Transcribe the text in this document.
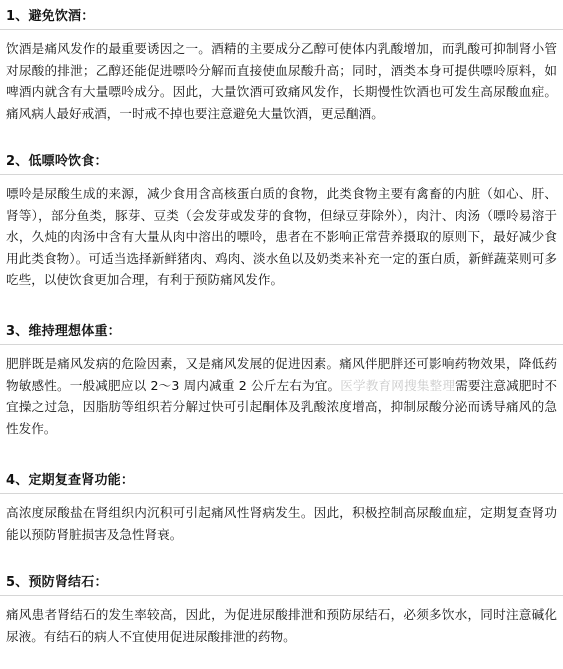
1、避免饮酒：
饮酒是痛风发作的最重要诱因之一。酒精的主要成分乙醇可使体内乳酸增加，而乳酸可抑制肾小管对尿酸的排泄；乙醇还能促进嘌呤分解而直接使血尿酸升高；同时，酒类本身可提供嘌呤原料，如啤酒内就含有大量嘌呤成分。因此，大量饮酒可致痛风发作，长期慢性饮酒也可发生高尿酸血症。痛风病人最好戒酒，一时戒不掉也要注意避免大量饮酒，更忌酗酒。
2、低嘌呤饮食：
嘌呤是尿酸生成的来源，减少食用含高核蛋白质的食物，此类食物主要有禽畜的内脏（如心、肝、肾等），部分鱼类，豚芽、豆类（会发芽或发芽的食物，但绿豆芽除外），肉汁、肉汤（嘌呤易溶于水，久炖的肉汤中含有大量从肉中溶出的嘌呤，患者在不影响正常营养摄取的原则下，最好减少食用此类食物）。可适当选择新鲜猪肉、鸡肉、淡水鱼以及奶类来补充一定的蛋白质，新鲜蔬菜则可多吃些，以使饮食更加合理，有利于预防痛风发作。
3、维持理想体重：
肥胖既是痛风发病的危险因素，又是痛风发展的促进因素。痛风伴肥胖还可影响药物效果，降低药物敏感性。一般减肥应以 2～3 周内减重 2 公斤左右为宜。医学教育网搜集整理需要注意减肥时不宜操之过急，因脂肪等组织若分解过快可引起酮体及乳酸浓度增高，抑制尿酸分泌而诱导痛风的急性发作。
4、定期复查肾功能：
高浓度尿酸盐在肾组织内沉积可引起痛风性肾病发生。因此，积极控制高尿酸血症，定期复查肾功能以预防肾脏损害及急性肾衰。
5、预防肾结石：
痛风患者肾结石的发生率较高，因此，为促进尿酸排泄和预防尿结石，必须多饮水，同时注意碱化尿液。有结石的病人不宜使用促进尿酸排泄的药物。
